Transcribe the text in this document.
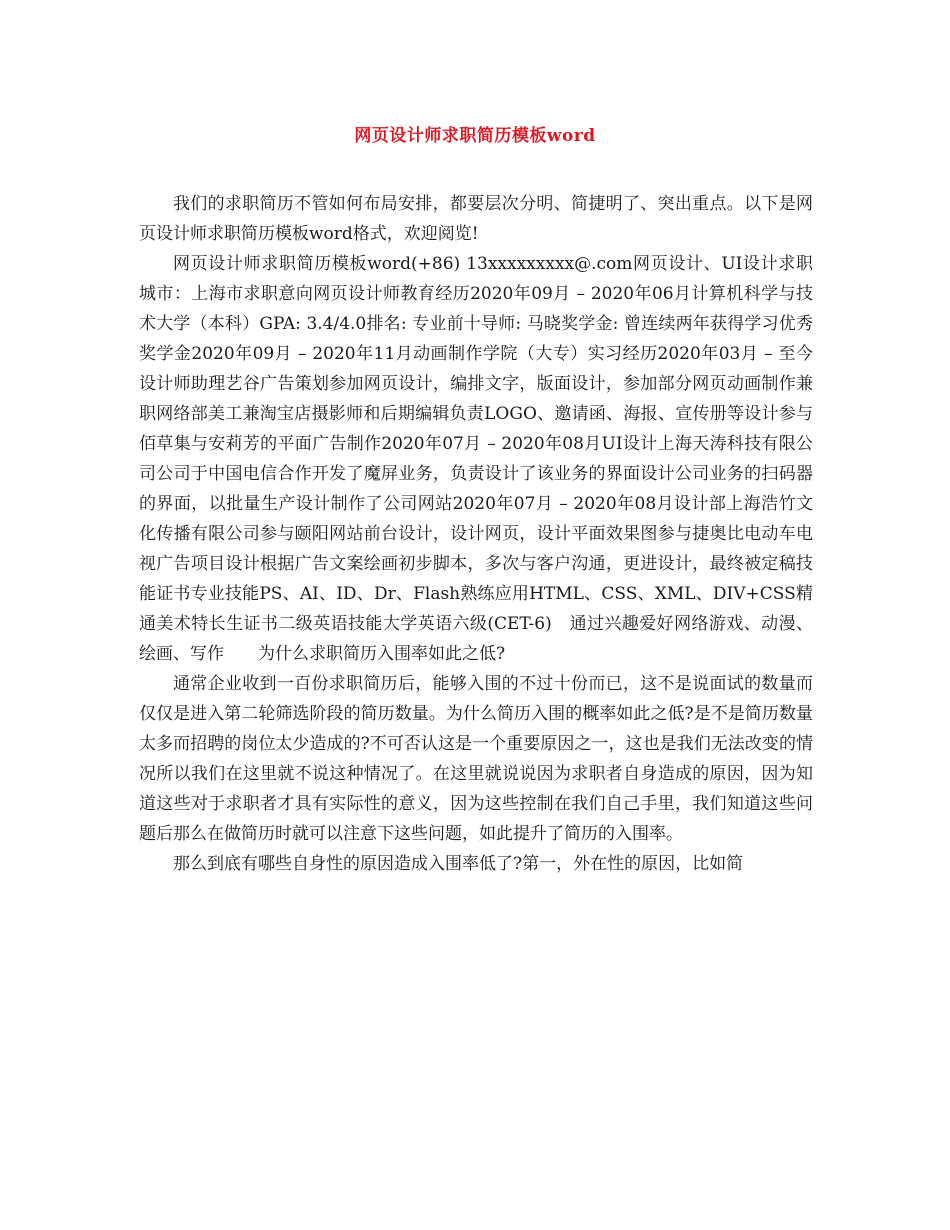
网页设计师求职简历模板word

我们的求职简历不管如何布局安排，都要层次分明、简捷明了、突出重点。以下是网页设计师求职简历模板word格式，欢迎阅览!

网页设计师求职简历模板word(+86) 13xxxxxxxxx@.com网页设计、UI设计求职城市：上海市求职意向网页设计师教育经历2020年09月 – 2020年06月计算机科学与技术大学（本科）GPA: 3.4/4.0排名: 专业前十导师: 马晓奖学金: 曾连续两年获得学习优秀奖学金2020年09月 – 2020年11月动画制作学院（大专）实习经历2020年03月 – 至今设计师助理艺谷广告策划参加网页设计，编排文字，版面设计，参加部分网页动画制作兼职网络部美工兼淘宝店摄影师和后期编辑负责LOGO、邀请函、海报、宣传册等设计参与佰草集与安莉芳的平面广告制作2020年07月 – 2020年08月UI设计上海天涛科技有限公司公司于中国电信合作开发了魔屏业务，负责设计了该业务的界面设计公司业务的扫码器的界面，以批量生产设计制作了公司网站2020年07月 – 2020年08月设计部上海浩竹文化传播有限公司参与颐阳网站前台设计，设计网页，设计平面效果图参与捷奥比电动车电视广告项目设计根据广告文案绘画初步脚本，多次与客户沟通，更进设计，最终被定稿技能证书专业技能PS、AI、ID、Dr、Flash熟练应用HTML、CSS、XML、DIV+CSS精通美术特长生证书二级英语技能大学英语六级(CET-6)　通过兴趣爱好网络游戏、动漫、绘画、写作　　为什么求职简历入围率如此之低?

通常企业收到一百份求职简历后，能够入围的不过十份而已，这不是说面试的数量而仅仅是进入第二轮筛选阶段的简历数量。为什么简历入围的概率如此之低?是不是简历数量太多而招聘的岗位太少造成的?不可否认这是一个重要原因之一，这也是我们无法改变的情况所以我们在这里就不说这种情况了。在这里就说说因为求职者自身造成的原因，因为知道这些对于求职者才具有实际性的意义，因为这些控制在我们自己手里，我们知道这些问题后那么在做简历时就可以注意下这些问题，如此提升了简历的入围率。

那么到底有哪些自身性的原因造成入围率低了?第一，外在性的原因，比如简
